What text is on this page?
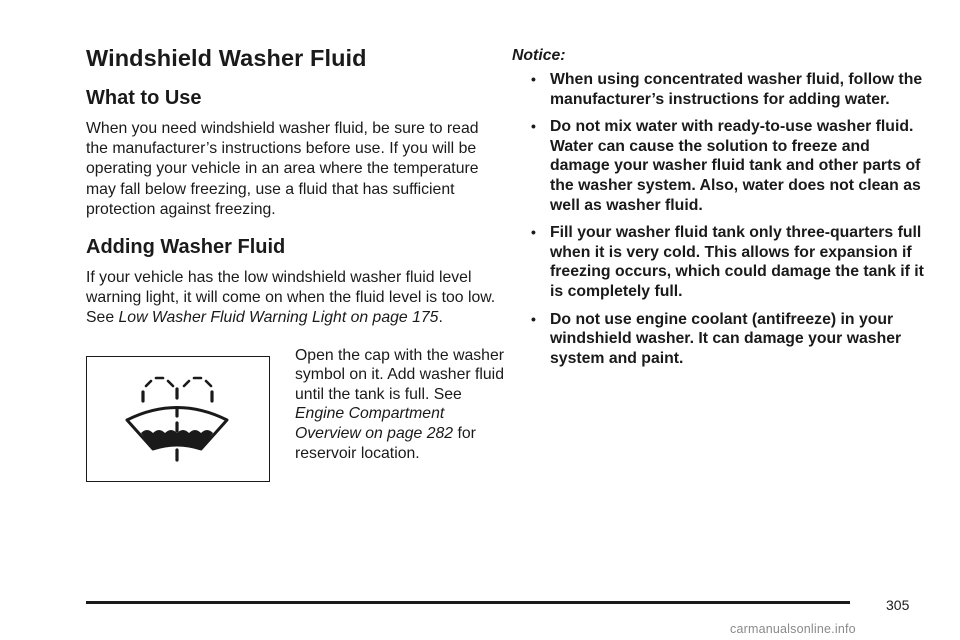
Windshield Washer Fluid
What to Use

When you need windshield washer fluid, be sure to read the manufacturer’s instructions before use. If you will be operating your vehicle in an area where the temperature may fall below freezing, use a fluid that has sufficient protection against freezing.

Adding Washer Fluid

If your vehicle has the low windshield washer fluid level warning light, it will come on when the fluid level is too low. See Low Washer Fluid Warning Light on page 175.

Open the cap with the washer symbol on it. Add washer fluid until the tank is full. See Engine Compartment Overview on page 282 for reservoir location.

Notice:
• When using concentrated washer fluid, follow the manufacturer’s instructions for adding water.
• Do not mix water with ready-to-use washer fluid. Water can cause the solution to freeze and damage your washer fluid tank and other parts of the washer system. Also, water does not clean as well as washer fluid.
• Fill your washer fluid tank only three-quarters full when it is very cold. This allows for expansion if freezing occurs, which could damage the tank if it is completely full.
• Do not use engine coolant (antifreeze) in your windshield washer. It can damage your washer system and paint.
305
carmanualsonline.info
